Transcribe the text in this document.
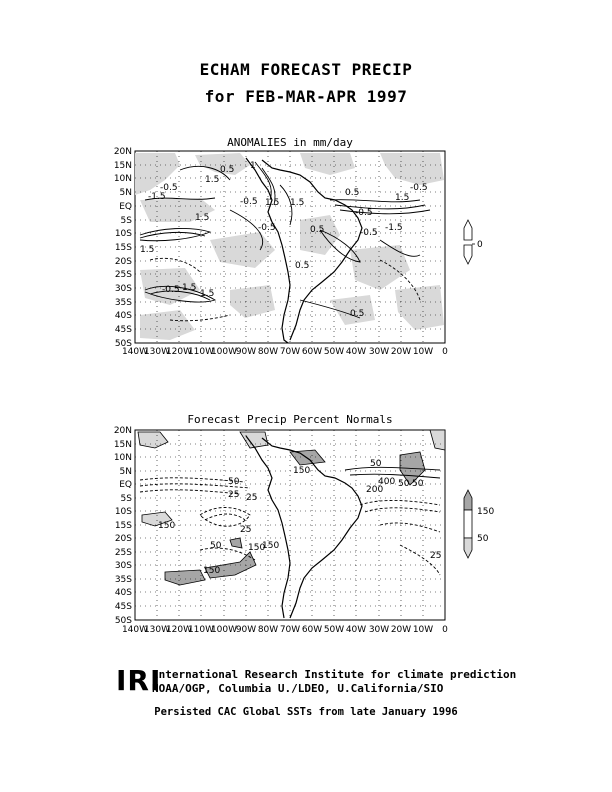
ECHAM FORECAST PRECIP
for FEB-MAR-APR 1997
ANOMALIES in mm/day
Forecast Precip Percent Normals
20N
15N
10N
5N
EQ
5S
10S
15S
20S
25S
30S
35S
40S
45S
50S
140W
130W
120W
110W
100W
90W 80W 70W 60W 50W 40W 30W 20W 10W 0
-0.5
-1.5	-0.5
0.5
1.5
-0.5	0.5
1.5
0.5
-0.5
1.5
-0.5
1
-0.5
0.5
1.5
1.5
0.5
1.5
1.5
1.5
-1.5
-0.5
0
20N
15N
10N
5N
EQ
5S
10S
15S
20S
25S
30S
35S
40S
45S
50S
140W
130W
120W
110W
100W
90W 80W 70W 60W 50W 40W 30W 20W 10W 0
150
50
25
150	25
150
150
50
25
50
200
50 50
400
25
150
150
50
IRI
International Research Institute for climate prediction
NOAA/OGP, Columbia U./LDEO, U.California/SIO
Persisted CAC Global SSTs from late January 1996
